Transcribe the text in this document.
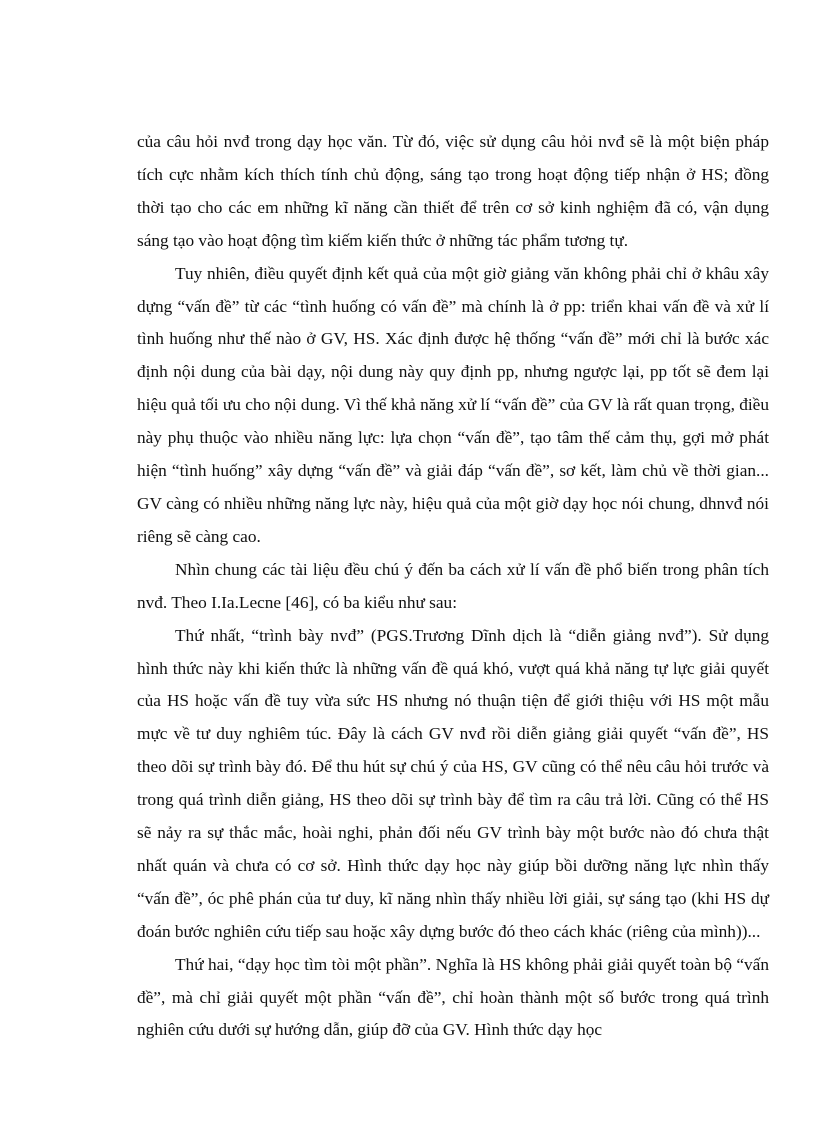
của câu hỏi nvđ trong dạy học văn. Từ đó, việc sử dụng câu hỏi nvđ sẽ là một biện pháp tích cực nhằm kích thích tính chủ động, sáng tạo trong hoạt động tiếp nhận ở HS; đồng thời tạo cho các em những kĩ năng cần thiết để trên cơ sở kinh nghiệm đã có, vận dụng sáng tạo vào hoạt động tìm kiếm kiến thức ở những tác phẩm tương tự.

Tuy nhiên, điều quyết định kết quả của một giờ giảng văn không phải chỉ ở khâu xây dựng “vấn đề” từ các “tình huống có vấn đề” mà chính là ở pp: triển khai vấn đề và xử lí tình huống như thế nào ở GV, HS. Xác định được hệ thống “vấn đề” mới chỉ là bước xác định nội dung của bài dạy, nội dung này quy định pp, nhưng ngược lại, pp tốt sẽ đem lại hiệu quả tối ưu cho nội dung. Vì thế khả năng xử lí “vấn đề” của GV là rất quan trọng, điều này phụ thuộc vào nhiều năng lực: lựa chọn “vấn đề”, tạo tâm thế cảm thụ, gợi mở phát hiện “tình huống” xây dựng “vấn đề” và giải đáp “vấn đề”, sơ kết, làm chủ về thời gian... GV càng có nhiều những năng lực này, hiệu quả của một giờ dạy học nói chung, dhnvđ nói riêng sẽ càng cao.

Nhìn chung các tài liệu đều chú ý đến ba cách xử lí vấn đề phổ biến trong phân tích nvđ. Theo I.Ia.Lecne [46], có ba kiểu như sau:

Thứ nhất, “trình bày nvđ” (PGS.Trương Dĩnh dịch là “diễn giảng nvđ”). Sử dụng hình thức này khi kiến thức là những vấn đề quá khó, vượt quá khả năng tự lực giải quyết của HS hoặc vấn đề tuy vừa sức HS nhưng nó thuận tiện để giới thiệu với HS một mẫu mực về tư duy nghiêm túc. Đây là cách GV nvđ rồi diễn giảng giải quyết “vấn đề”, HS theo dõi sự trình bày đó. Để thu hút sự chú ý của HS, GV cũng có thể nêu câu hỏi trước và trong quá trình diễn giảng, HS theo dõi sự trình bày để tìm ra câu trả lời. Cũng có thể HS sẽ nảy ra sự thắc mắc, hoài nghi, phản đối nếu GV trình bày một bước nào đó chưa thật nhất quán và chưa có cơ sở. Hình thức dạy học này giúp bồi dưỡng năng lực nhìn thấy “vấn đề”, óc phê phán của tư duy, kĩ năng nhìn thấy nhiều lời giải, sự sáng tạo (khi HS dự đoán bước nghiên cứu tiếp sau hoặc xây dựng bước đó theo cách khác (riêng của mình))...

Thứ hai, “dạy học tìm tòi một phần”. Nghĩa là HS không phải giải quyết toàn bộ “vấn đề”, mà chỉ giải quyết một phần “vấn đề”, chỉ hoàn thành một số bước trong quá trình nghiên cứu dưới sự hướng dẫn, giúp đỡ của GV. Hình thức dạy học
